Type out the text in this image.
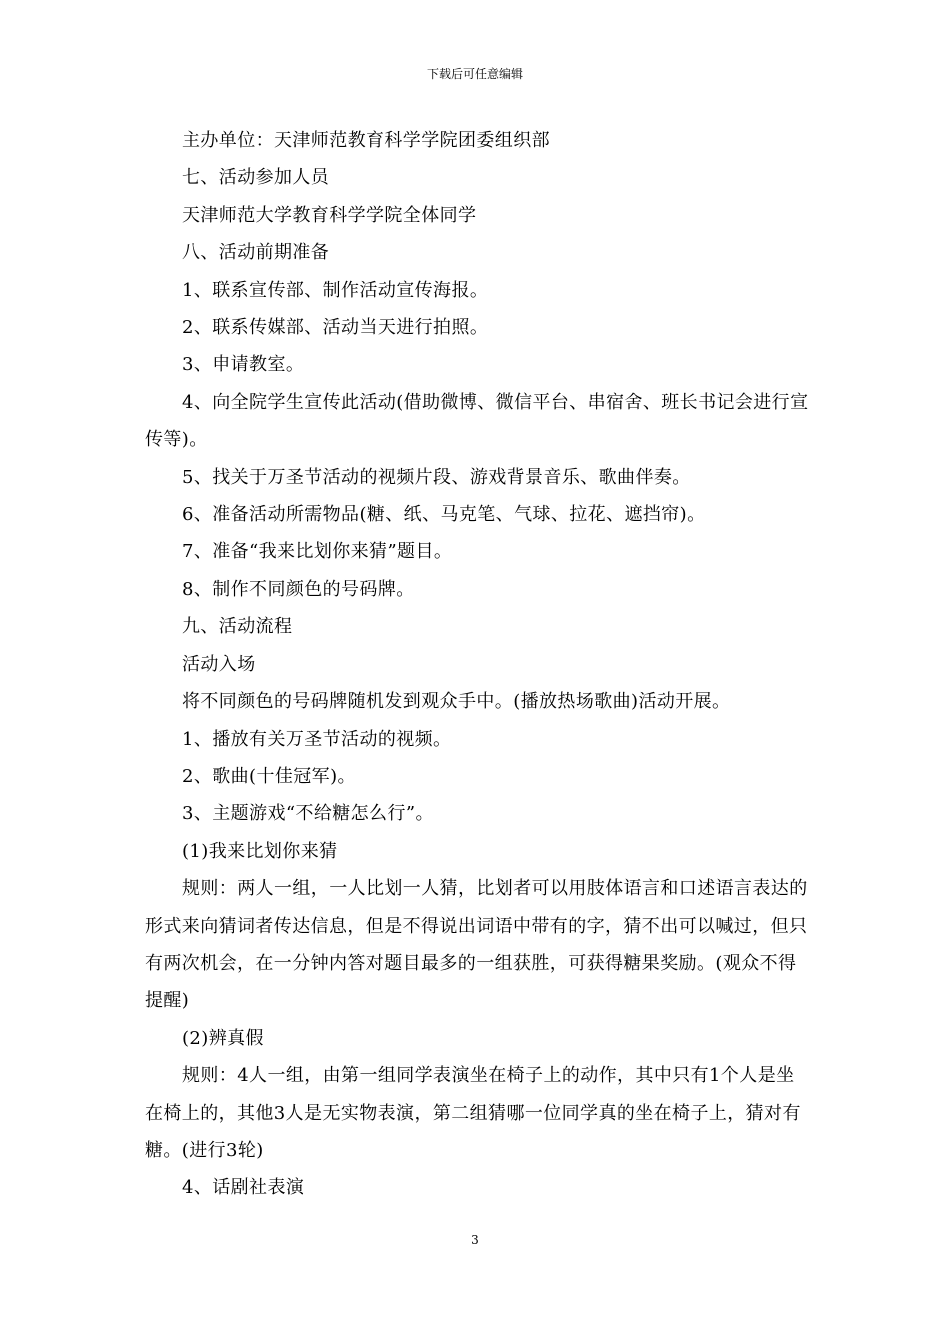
下载后可任意编辑

主办单位：天津师范教育科学学院团委组织部

七、活动参加人员

天津师范大学教育科学学院全体同学

八、活动前期准备

1、联系宣传部、制作活动宣传海报。

2、联系传媒部、活动当天进行拍照。

3、申请教室。

4、向全院学生宣传此活动(借助微博、微信平台、串宿舍、班长书记会进行宣传等)。

5、找关于万圣节活动的视频片段、游戏背景音乐、歌曲伴奏。

6、准备活动所需物品(糖、纸、马克笔、气球、拉花、遮挡帘)。

7、准备“我来比划你来猜”题目。

8、制作不同颜色的号码牌。

九、活动流程

活动入场

将不同颜色的号码牌随机发到观众手中。(播放热场歌曲)活动开展。

1、播放有关万圣节活动的视频。

2、歌曲(十佳冠军)。

3、主题游戏“不给糖怎么行”。

(1)我来比划你来猜

规则：两人一组，一人比划一人猜，比划者可以用肢体语言和口述语言表达的形式来向猜词者传达信息，但是不得说出词语中带有的字，猜不出可以喊过，但只有两次机会，在一分钟内答对题目最多的一组获胜，可获得糖果奖励。(观众不得提醒)

(2)辨真假

规则：4人一组，由第一组同学表演坐在椅子上的动作，其中只有1个人是坐在椅上的，其他3人是无实物表演，第二组猜哪一位同学真的坐在椅子上，猜对有糖。(进行3轮)

4、话剧社表演

3
